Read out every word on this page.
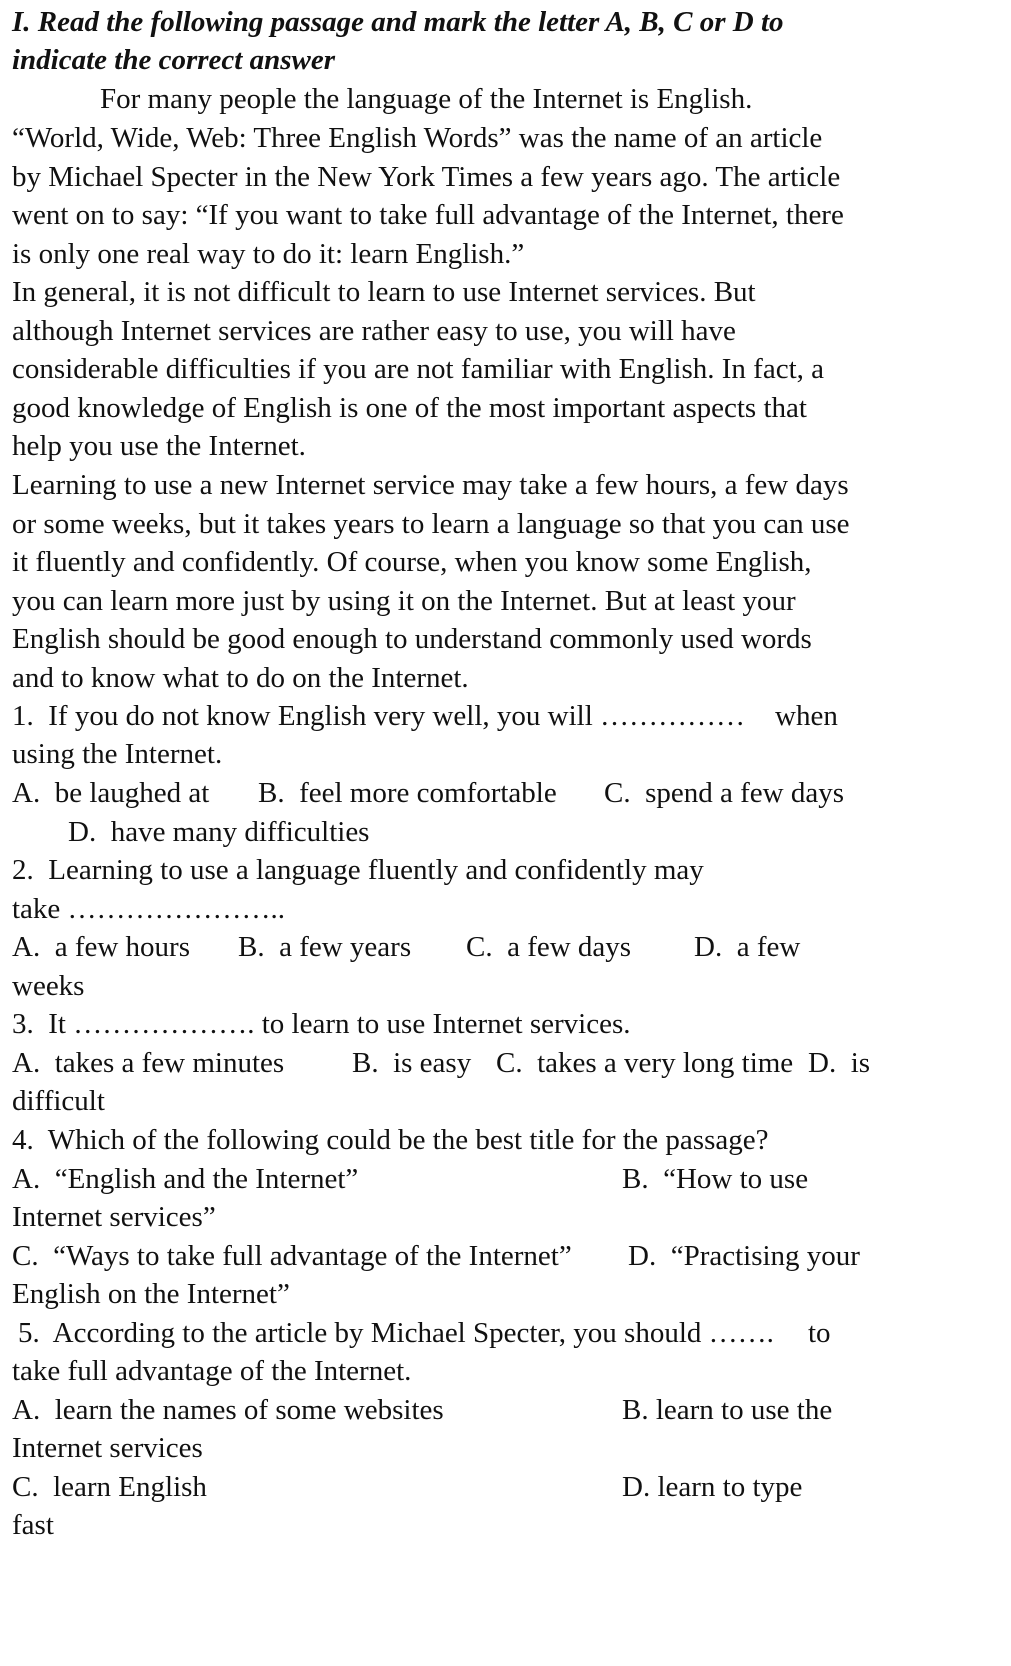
I. Read the following passage and mark the letter A, B, C or D to
indicate the correct answer
For many people the language of the Internet is English.
“World, Wide, Web: Three English Words” was the name of an article
by Michael Specter in the New York Times a few years ago. The article
went on to say: “If you want to take full advantage of the Internet, there
is only one real way to do it: learn English.”
In general, it is not difficult to learn to use Internet services. But
although Internet services are rather easy to use, you will have
considerable difficulties if you are not familiar with English. In fact, a
good knowledge of English is one of the most important aspects that
help you use the Internet.
Learning to use a new Internet service may take a few hours, a few days
or some weeks, but it takes years to learn a language so that you can use
it fluently and confidently. Of course, when you know some English,
you can learn more just by using it on the Internet. But at least your
English should be good enough to understand commonly used words
and to know what to do on the Internet.
1.  If you do not know English very well, you will …………… when
using the Internet.
A.  be laughed at B.  feel more comfortable C.  spend a few days
D.  have many difficulties
2.  Learning to use a language fluently and confidently may
take …………………..
A.  a few hours B.  a few years C.  a few days D.  a few
weeks
3.  It ………………. to learn to use Internet services.
A.  takes a few minutes B.  is easy C.  takes a very long time D.  is
difficult
4.  Which of the following could be the best title for the passage?
A.  “English and the Internet”	B.  “How to use
Internet services”
C.  “Ways to take full advantage of the Internet” D.  “Practising your
English on the Internet”
5.  According to the article by Michael Specter, you should ……. to
take full advantage of the Internet.
A.  learn the names of some websites	B. learn to use the
Internet services
C.  learn English	D. learn to type
fast
